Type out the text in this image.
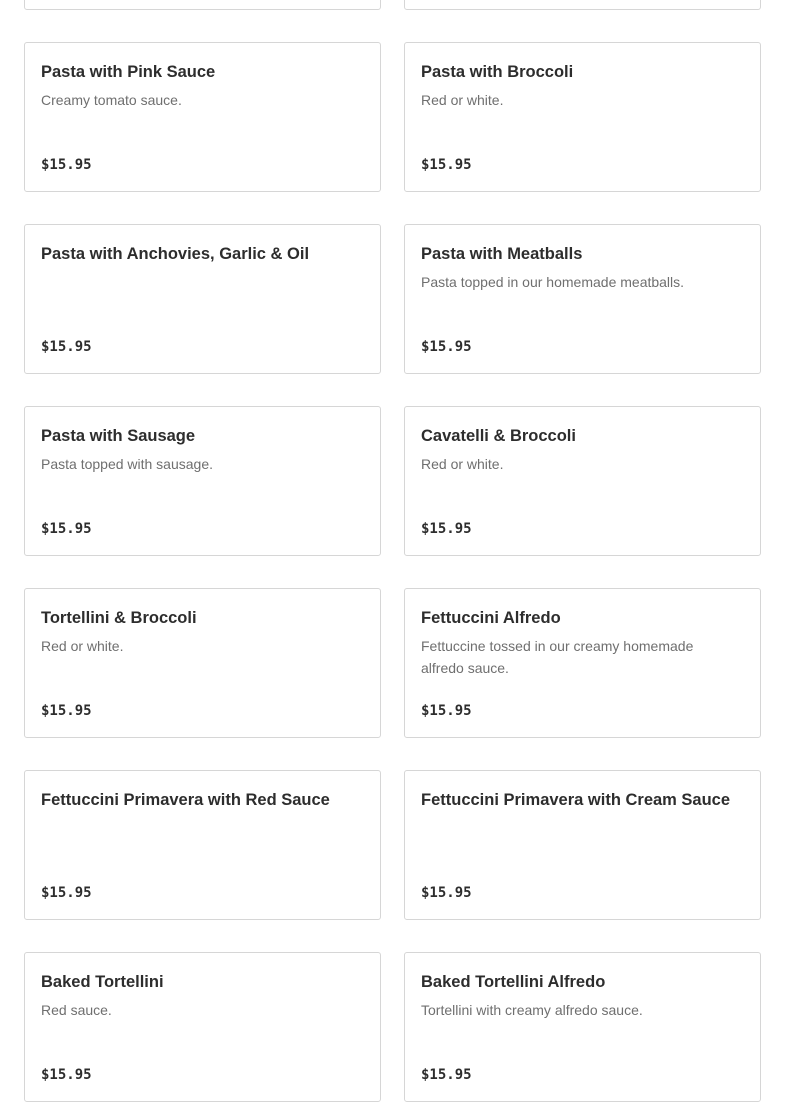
Pasta with Pink Sauce
Creamy tomato sauce.
$15.95
Pasta with Broccoli
Red or white.
$15.95
Pasta with Anchovies, Garlic & Oil
$15.95
Pasta with Meatballs
Pasta topped in our homemade meatballs.
$15.95
Pasta with Sausage
Pasta topped with sausage.
$15.95
Cavatelli & Broccoli
Red or white.
$15.95
Tortellini & Broccoli
Red or white.
$15.95
Fettuccini Alfredo
Fettuccine tossed in our creamy homemade alfredo sauce.
$15.95
Fettuccini Primavera with Red Sauce
$15.95
Fettuccini Primavera with Cream Sauce
$15.95
Baked Tortellini
Red sauce.
$15.95
Baked Tortellini Alfredo
Tortellini with creamy alfredo sauce.
$15.95
